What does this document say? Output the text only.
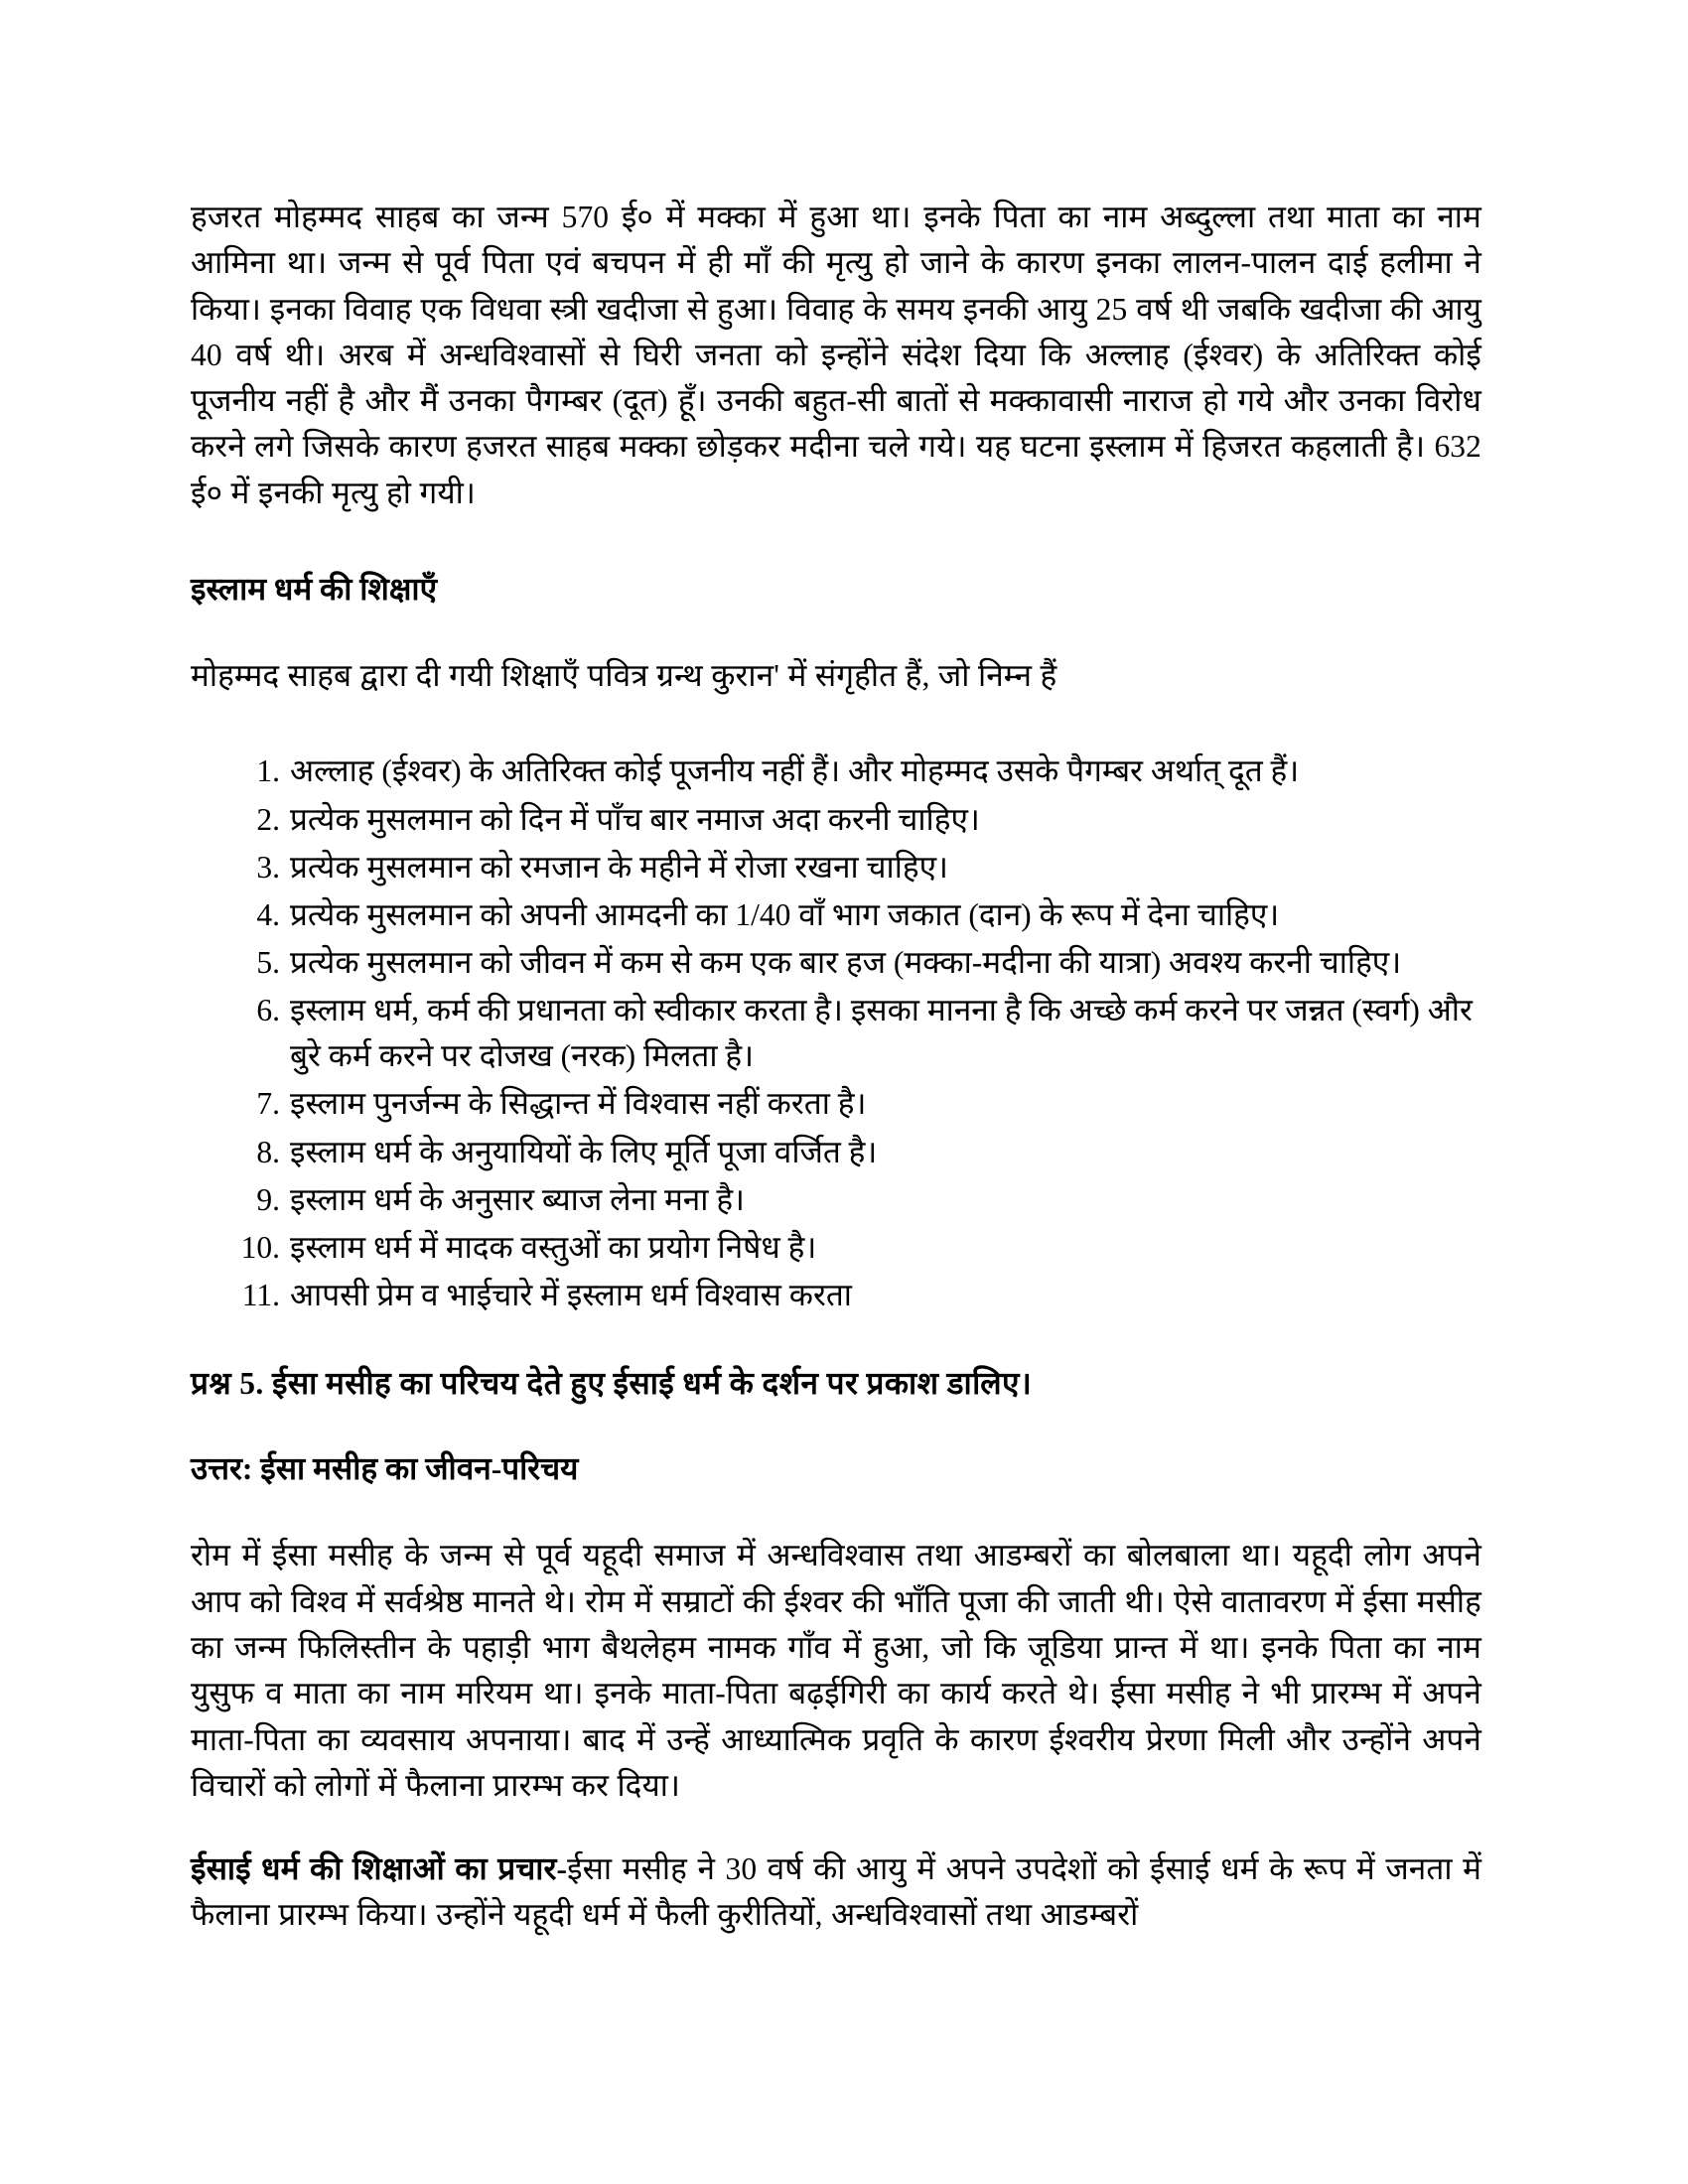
हजरत मोहम्मद साहब का जन्म 570 ई० में मक्का में हुआ था। इनके पिता का नाम अब्दुल्ला तथा माता का नाम आमिना था। जन्म से पूर्व पिता एवं बचपन में ही माँ की मृत्यु हो जाने के कारण इनका लालन-पालन दाई हलीमा ने किया। इनका विवाह एक विधवा स्त्री खदीजा से हुआ। विवाह के समय इनकी आयु 25 वर्ष थी जबकि खदीजा की आयु 40 वर्ष थी। अरब में अन्धविश्वासों से घिरी जनता को इन्होंने संदेश दिया कि अल्लाह (ईश्वर) के अतिरिक्त कोई पूजनीय नहीं है और मैं उनका पैगम्बर (दूत) हूँ। उनकी बहुत-सी बातों से मक्कावासी नाराज हो गये और उनका विरोध करने लगे जिसके कारण हजरत साहब मक्का छोड़कर मदीना चले गये। यह घटना इस्लाम में हिजरत कहलाती है। 632 ई० में इनकी मृत्यु हो गयी।

इस्लाम धर्म की शिक्षाएँ

मोहम्मद साहब द्वारा दी गयी शिक्षाएँ पवित्र ग्रन्थ कुरान' में संगृहीत हैं, जो निम्न हैं

अल्लाह (ईश्वर) के अतिरिक्त कोई पूजनीय नहीं हैं। और मोहम्मद उसके पैगम्बर अर्थात् दूत हैं।
प्रत्येक मुसलमान को दिन में पाँच बार नमाज अदा करनी चाहिए।
प्रत्येक मुसलमान को रमजान के महीने में रोजा रखना चाहिए।
प्रत्येक मुसलमान को अपनी आमदनी का 1/40 वाँ भाग जकात (दान) के रूप में देना चाहिए।
प्रत्येक मुसलमान को जीवन में कम से कम एक बार हज (मक्का-मदीना की यात्रा) अवश्य करनी चाहिए।
इस्लाम धर्म, कर्म की प्रधानता को स्वीकार करता है। इसका मानना है कि अच्छे कर्म करने पर जन्नत (स्वर्ग) और बुरे कर्म करने पर दोजख (नरक) मिलता है।
इस्लाम पुनर्जन्म के सिद्धान्त में विश्वास नहीं करता है।
इस्लाम धर्म के अनुयायियों के लिए मूर्ति पूजा वर्जित है।
इस्लाम धर्म के अनुसार ब्याज लेना मना है।
इस्लाम धर्म में मादक वस्तुओं का प्रयोग निषेध है।
आपसी प्रेम व भाईचारे में इस्लाम धर्म विश्वास करता
प्रश्न 5. ईसा मसीह का परिचय देते हुए ईसाई धर्म के दर्शन पर प्रकाश डालिए।
उत्तर: ईसा मसीह का जीवन-परिचय

रोम में ईसा मसीह के जन्म से पूर्व यहूदी समाज में अन्धविश्वास तथा आडम्बरों का बोलबाला था। यहूदी लोग अपने आप को विश्व में सर्वश्रेष्ठ मानते थे। रोम में सम्राटों की ईश्वर की भाँति पूजा की जाती थी। ऐसे वातावरण में ईसा मसीह का जन्म फिलिस्तीन के पहाड़ी भाग बैथलेहम नामक गाँव में हुआ, जो कि जूडिया प्रान्त में था। इनके पिता का नाम युसुफ व माता का नाम मरियम था। इनके माता-पिता बढ़ईगिरी का कार्य करते थे। ईसा मसीह ने भी प्रारम्भ में अपने माता-पिता का व्यवसाय अपनाया। बाद में उन्हें आध्यात्मिक प्रवृति के कारण ईश्वरीय प्रेरणा मिली और उन्होंने अपने विचारों को लोगों में फैलाना प्रारम्भ कर दिया।

ईसाई धर्म की शिक्षाओं का प्रचार-ईसा मसीह ने 30 वर्ष की आयु में अपने उपदेशों को ईसाई धर्म के रूप में जनता में फैलाना प्रारम्भ किया। उन्होंने यहूदी धर्म में फैली कुरीतियों, अन्धविश्वासों तथा आडम्बरों
